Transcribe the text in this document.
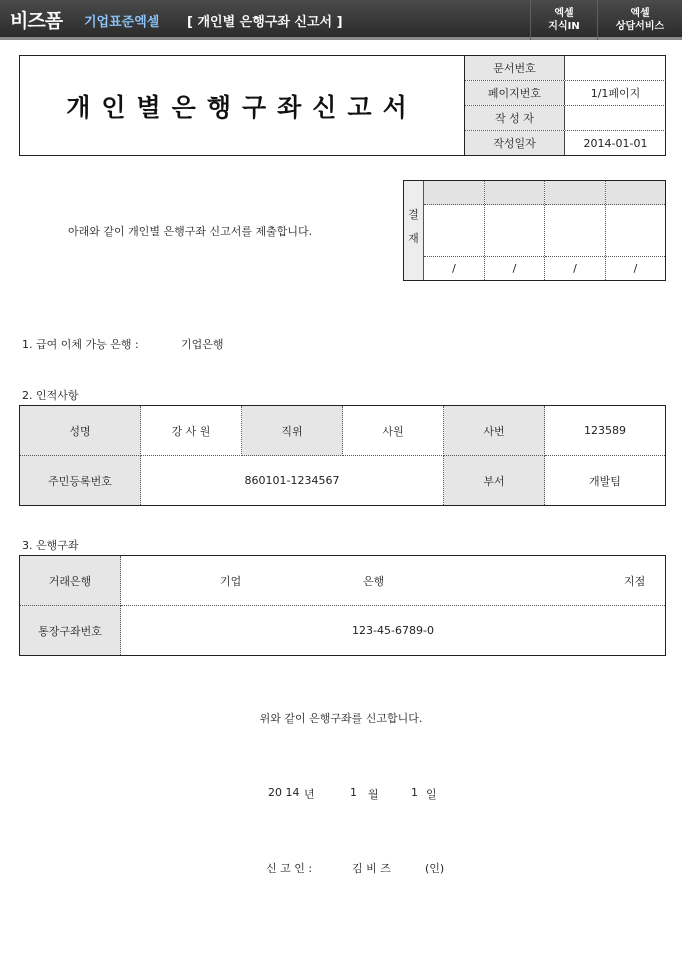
비즈폼 기업표준엑셀 [ 개인별 은행구좌 신고서 ]
엑셀
지식IN
엑셀
상담서비스
개인별은행구좌신고서
문서번호
페이지번호	1/1페이지
작 성 자
작성일자	2014-01-01
아래와 같이 개인별 은행구좌 신고서를 제출합니다.
결
재
/	/	/	/
1. 급여 이체 가능 은행 :	기업은행
2. 인적사항
성명	강 사 원	직위	사원	사번	123589
주민등록번호	860101-1234567	부서	개발팀
3. 은행구좌
거래은행	기업	은행	지점
통장구좌번호	123-45-6789-0
위와 같이 은행구좌를 신고합니다.
20 14 년	1 월	1 일
신 고 인 :	김 비 즈	(인)
